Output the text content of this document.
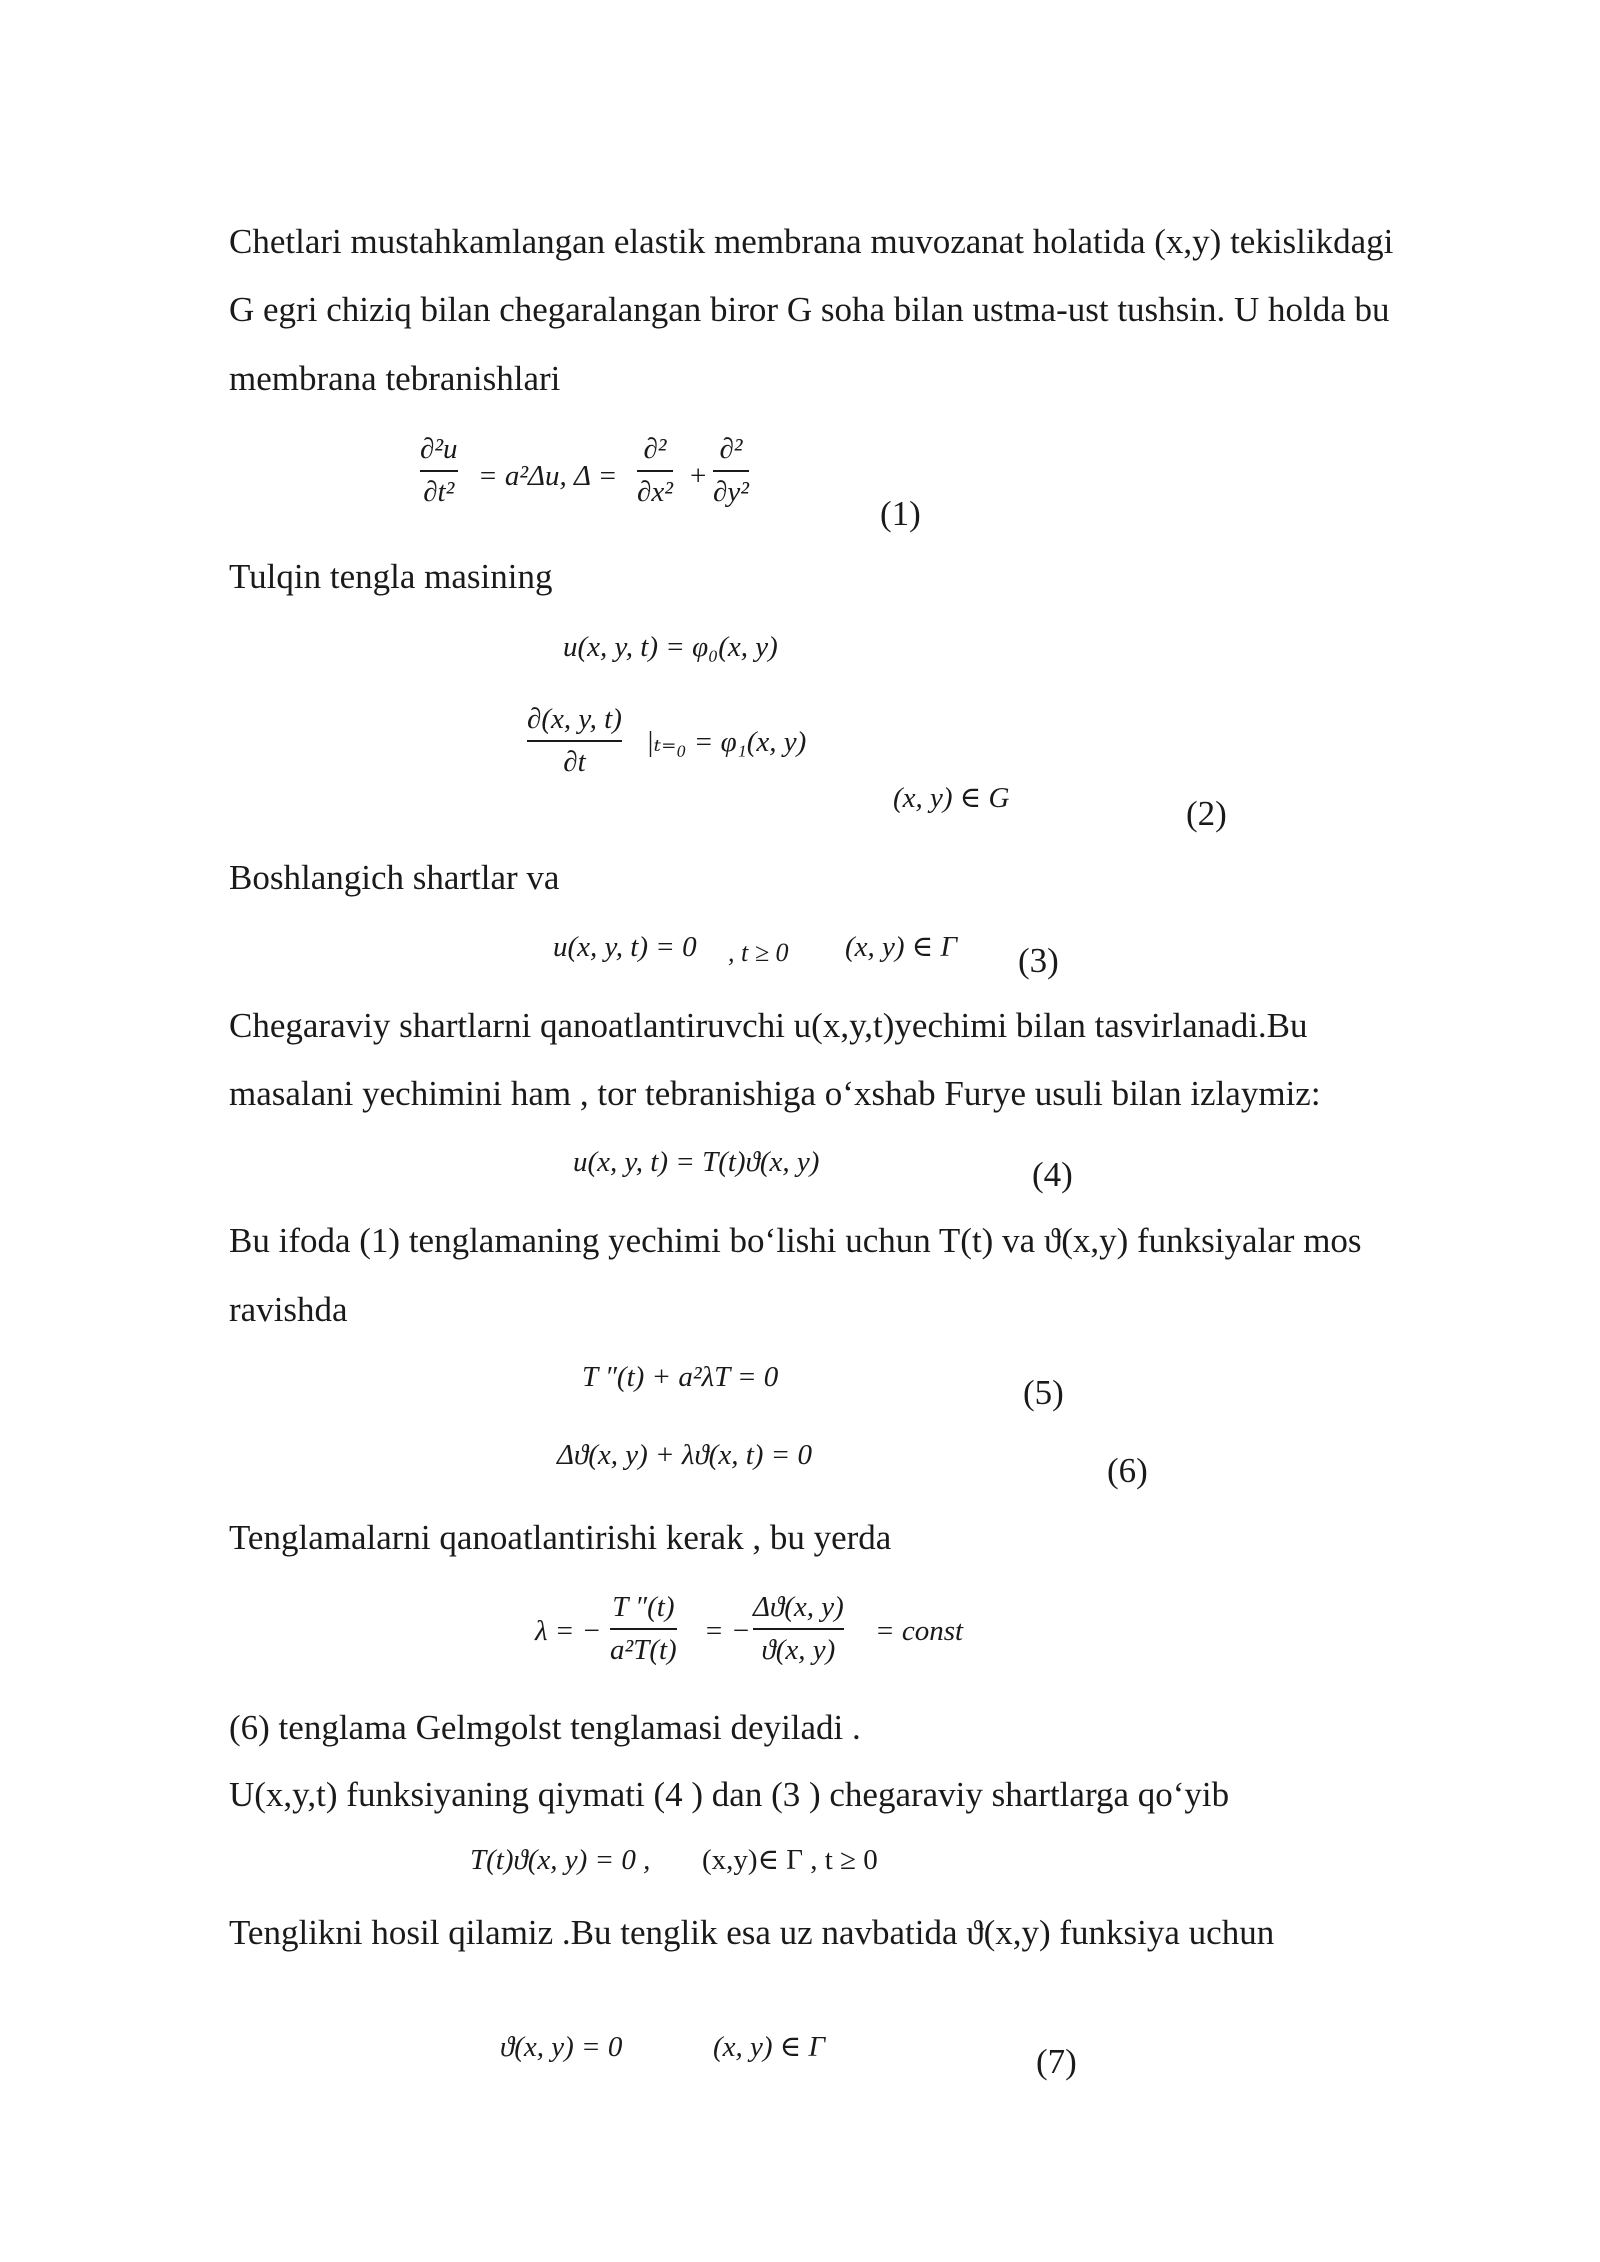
Chetlari mustahkamlangan elastik membrana muvozanat holatida (x,y) tekislikdagi
G egri chiziq bilan chegaralangan biror G soha bilan ustma-ust tushsin. U holda bu
membrana tebranishlari
∂²u
∂t² = a²Δu, Δ =
∂²
∂x² +
∂²
∂y²
(1)
Tulqin tengla masining
u(x, y, t) = φ₀(x, y)
∂(x, y, t)
∂t
|ₜ₌₀ = φ₁(x, y)
(x, y) ∈ G	(2)
Boshlangich shartlar va
u(x, y, t) = 0 , t ≥ 0 (x, y) ∈ Γ (3)
Chegaraviy shartlarni qanoatlantiruvchi u(x,y,t)yechimi bilan tasvirlanadi.Bu
masalani yechimini ham , tor tebranishiga o‘xshab Furye usuli bilan izlaymiz:
u(x, y, t) = T(t)ϑ(x, y)	(4)
Bu ifoda (1) tenglamaning yechimi bo‘lishi uchun T(t) va ϑ(x,y) funksiyalar mos
ravishda
T ″(t) + a²λT = 0	(5)
Δϑ(x, y) + λϑ(x, t) = 0	(6)
Tenglamalarni qanoatlantirishi kerak , bu yerda
λ = −
T ″(t)
a²T(t)
= −
Δϑ(x, y)
ϑ(x, y)
= const
(6) tenglama Gelmgolst tenglamasi deyiladi .
U(x,y,t) funksiyaning qiymati (4 ) dan (3 ) chegaraviy shartlarga qo‘yib
T(t)ϑ(x, y) = 0 , (x,y)∈ Γ , t ≥ 0
Tenglikni hosil qilamiz .Bu tenglik esa uz navbatida ϑ(x,y) funksiya uchun
ϑ(x, y) = 0	(x, y) ∈ Γ	(7)
